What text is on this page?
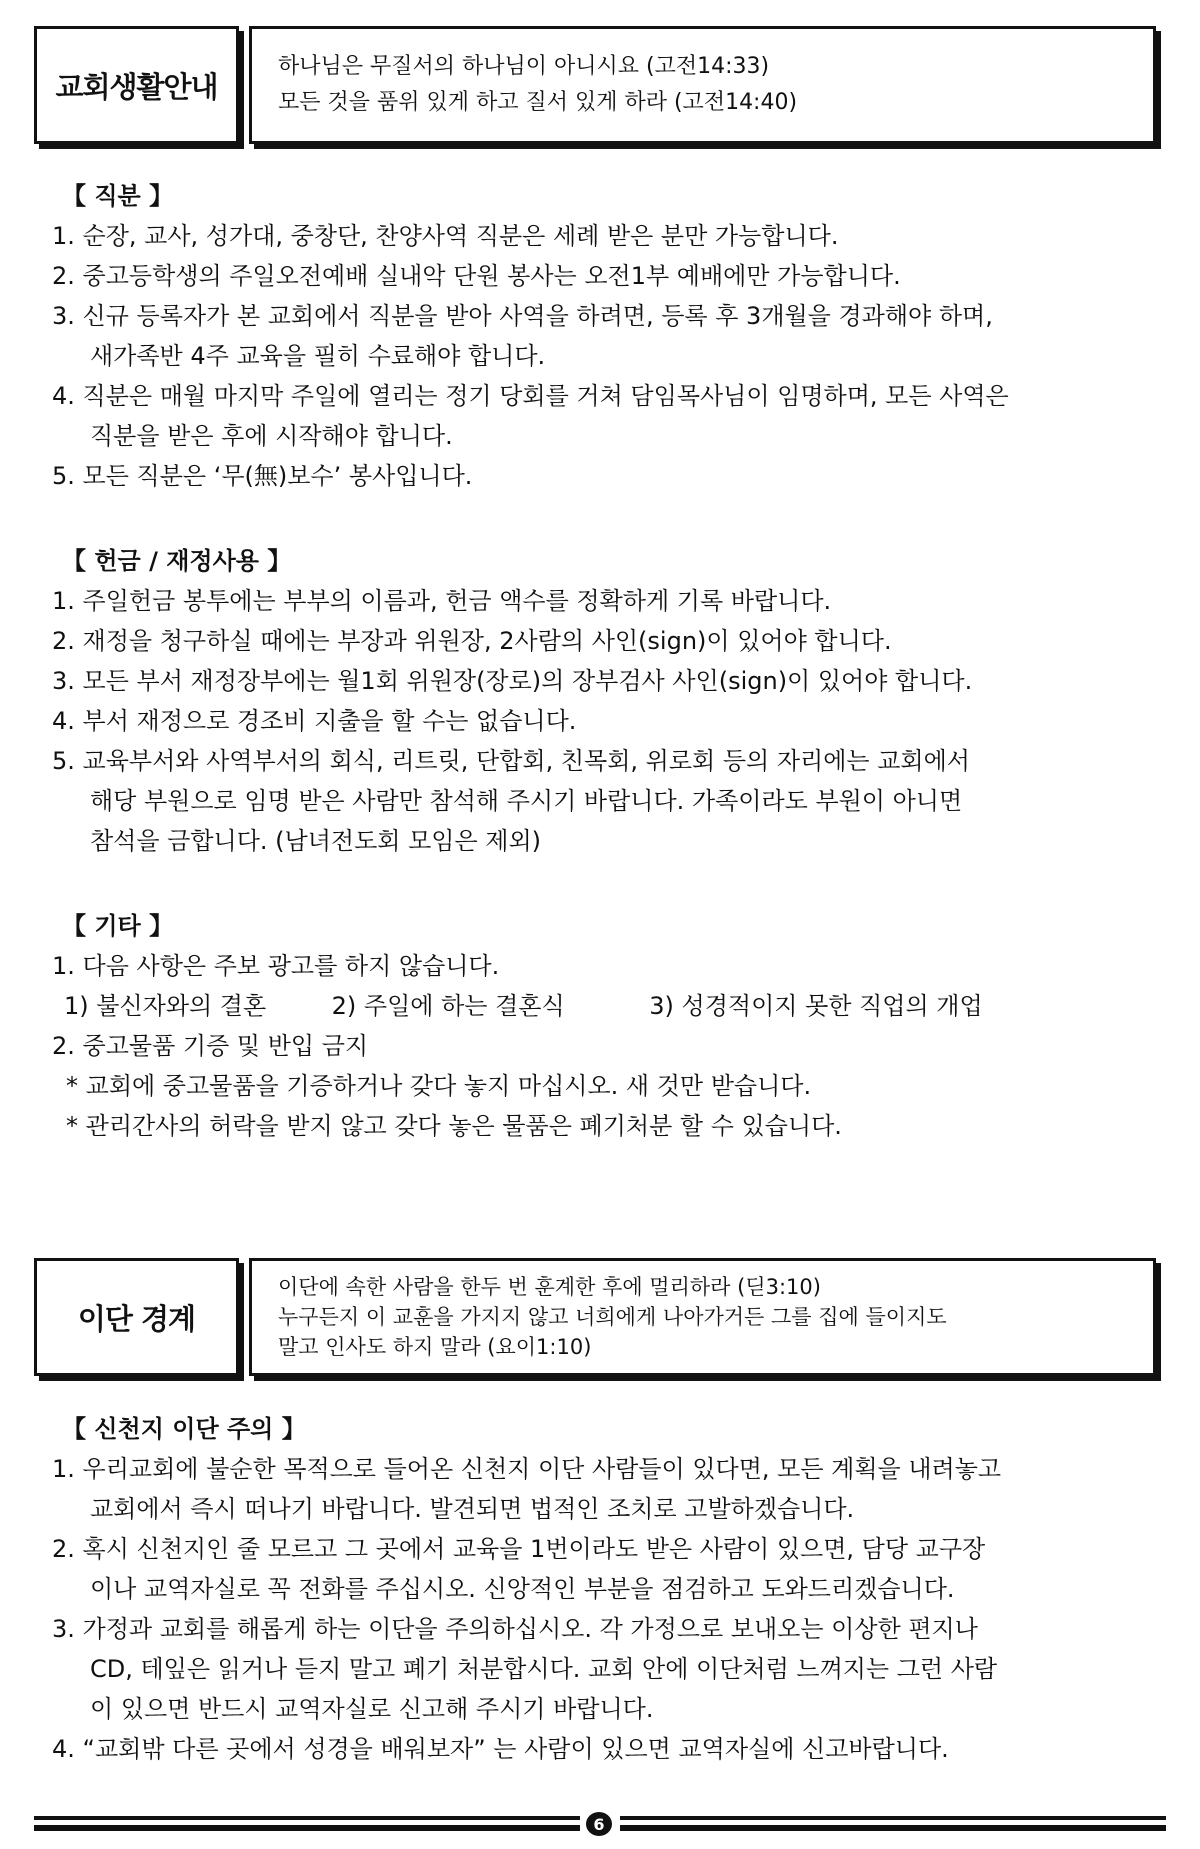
교회생활안내
하나님은 무질서의 하나님이 아니시요 (고전14:33)
모든 것을 품위 있게 하고 질서 있게 하라 (고전14:40)
【 직분 】
1. 순장, 교사, 성가대, 중창단, 찬양사역 직분은 세례 받은 분만 가능합니다.
2. 중고등학생의 주일오전예배 실내악 단원 봉사는 오전1부 예배에만 가능합니다.
3. 신규 등록자가 본 교회에서 직분을 받아 사역을 하려면, 등록 후 3개월을 경과해야 하며,
새가족반 4주 교육을 필히 수료해야 합니다.
4. 직분은 매월 마지막 주일에 열리는 정기 당회를 거쳐 담임목사님이 임명하며, 모든 사역은
직분을 받은 후에 시작해야 합니다.
5. 모든 직분은 ‘무(無)보수’ 봉사입니다.
【 헌금 / 재정사용 】
1. 주일헌금 봉투에는 부부의 이름과, 헌금 액수를 정확하게 기록 바랍니다.
2. 재정을 청구하실 때에는 부장과 위원장, 2사람의 사인(sign)이 있어야 합니다.
3. 모든 부서 재정장부에는 월1회 위원장(장로)의 장부검사 사인(sign)이 있어야 합니다.
4. 부서 재정으로 경조비 지출을 할 수는 없습니다.
5. 교육부서와 사역부서의 회식, 리트릿, 단합회, 친목회, 위로회 등의 자리에는 교회에서
해당 부원으로 임명 받은 사람만 참석해 주시기 바랍니다. 가족이라도 부원이 아니면
참석을 금합니다. (남녀전도회 모임은 제외)
【 기타 】
1. 다음 사항은 주보 광고를 하지 않습니다.
1) 불신자와의 결혼	2) 주일에 하는 결혼식	3) 성경적이지 못한 직업의 개업
2. 중고물품 기증 및 반입 금지
* 교회에 중고물품을 기증하거나 갖다 놓지 마십시오. 새 것만 받습니다.
* 관리간사의 허락을 받지 않고 갖다 놓은 물품은 폐기처분 할 수 있습니다.
이단 경계
이단에 속한 사람을 한두 번 훈계한 후에 멀리하라 (딛3:10)
누구든지 이 교훈을 가지지 않고 너희에게 나아가거든 그를 집에 들이지도
말고 인사도 하지 말라 (요이1:10)
【 신천지 이단 주의 】
1. 우리교회에 불순한 목적으로 들어온 신천지 이단 사람들이 있다면, 모든 계획을 내려놓고
교회에서 즉시 떠나기 바랍니다. 발견되면 법적인 조치로 고발하겠습니다.
2. 혹시 신천지인 줄 모르고 그 곳에서 교육을 1번이라도 받은 사람이 있으면, 담당 교구장
이나 교역자실로 꼭 전화를 주십시오. 신앙적인 부분을 점검하고 도와드리겠습니다.
3. 가정과 교회를 해롭게 하는 이단을 주의하십시오. 각 가정으로 보내오는 이상한 편지나
CD, 테잎은 읽거나 듣지 말고 폐기 처분합시다. 교회 안에 이단처럼 느껴지는 그런 사람
이 있으면 반드시 교역자실로 신고해 주시기 바랍니다.
4. “교회밖 다른 곳에서 성경을 배워보자” 는 사람이 있으면 교역자실에 신고바랍니다.
6
